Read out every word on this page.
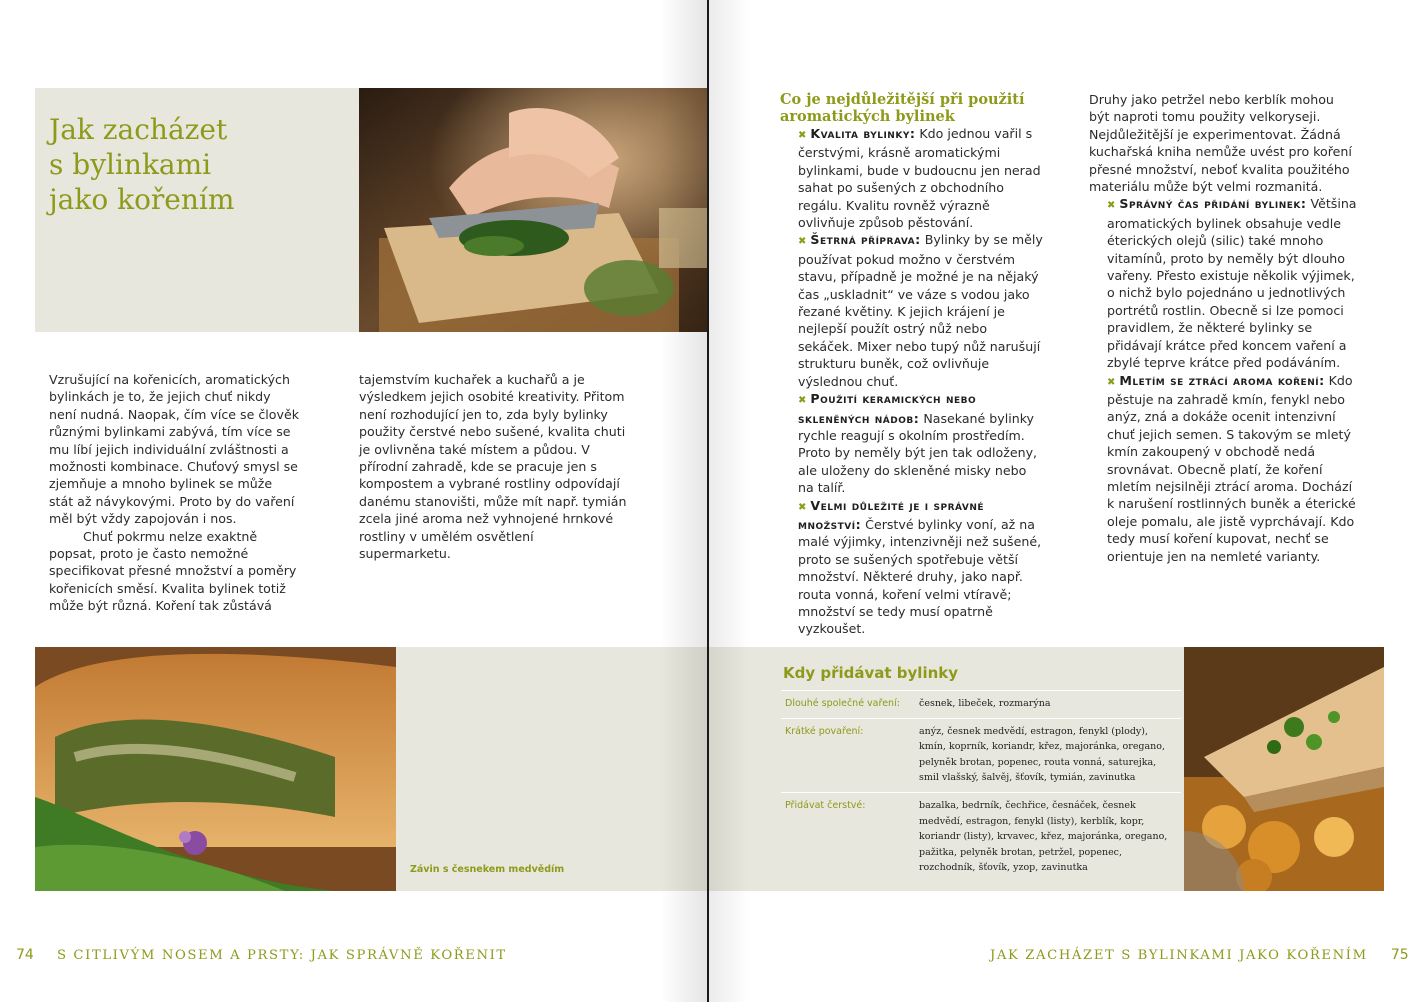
Jak zacházet
s bylinkami
jako kořením

Vzrušující na kořenicích, aromatických bylinkách je to, že jejich chuť nikdy není nudná. Naopak, čím více se člověk různými bylinkami zabývá, tím více se mu líbí jejich individuální zvláštnosti a možnosti kombinace. Chuťový smysl se zjemňuje a mnoho bylinek se může stát až návykovými. Proto by do vaření měl být vždy zapojován i nos.

Chuť pokrmu nelze exaktně popsat, proto je často nemožné specifikovat přesné množství a poměry kořenicích směsí. Kvalita bylinek totiž může být různá. Koření tak zůstává

tajemstvím kuchařek a kuchařů a je výsledkem jejich osobité kreativity. Přitom není rozhodující jen to, zda byly bylinky použity čerstvé nebo sušené, kvalita chuti je ovlivněna také místem a půdou. V přírodní zahradě, kde se pracuje jen s kompostem a vybrané rostliny odpovídají danému stanovišti, může mít např. tymián zcela jiné aroma než vyhnojené hrnkové rostliny v umělém osvětlení supermarketu.

Závin s česnekem medvědím
74 S CITLIVÝM NOSEM A PRSTY: JAK SPRÁVNĚ KOŘENIT

Co je nejdůležitější při použití aromatických bylinek

✖ Kvalita bylinky: Kdo jednou vařil s čerstvými, krásně aromatickými bylinkami, bude v budoucnu jen nerad sahat po sušených z obchodního regálu. Kvalitu rovněž výrazně ovlivňuje způsob pěstování.

✖ Šetrná příprava: Bylinky by se měly používat pokud možno v čerstvém stavu, případně je možné je na nějaký čas „uskladnit“ ve váze s vodou jako řezané květiny. K jejich krájení je nejlepší použít ostrý nůž nebo sekáček. Mixer nebo tupý nůž narušují strukturu buněk, což ovlivňuje výslednou chuť.

✖ Použití keramických nebo skleněných nádob: Nasekané bylinky rychle reagují s okolním prostředím. Proto by neměly být jen tak odloženy, ale uloženy do skleněné misky nebo na talíř.

✖ Velmi důležité je i správné množství: Čerstvé bylinky voní, až na malé výjimky, intenzivněji než sušené, proto se sušených spotřebuje větší množství. Některé druhy, jako např. routa vonná, koření velmi vtíravě; množství se tedy musí opatrně vyzkoušet.

Druhy jako petržel nebo kerblík mohou být naproti tomu použity velkoryseji. Nejdůležitější je experimentovat. Žádná kuchařská kniha nemůže uvést pro koření přesné množství, neboť kvalita použitého materiálu může být velmi rozmanitá.

✖ Správný čas přidání bylinek: Většina aromatických bylinek obsahuje vedle éterických olejů (silic) také mnoho vitamínů, proto by neměly být dlouho vařeny. Přesto existuje několik výjimek, o nichž bylo pojednáno u jednotlivých portrétů rostlin. Obecně si lze pomoci pravidlem, že některé bylinky se přidávají krátce před koncem vaření a zbylé teprve krátce před podáváním.

✖ Mletím se ztrácí aroma koření: Kdo pěstuje na zahradě kmín, fenykl nebo anýz, zná a dokáže ocenit intenzivní chuť jejich semen. S takovým se mletý kmín zakoupený v obchodě nedá srovnávat. Obecně platí, že koření mletím nejsilněji ztrácí aroma. Dochází k narušení rostlinných buněk a éterické oleje pomalu, ale jistě vyprchávají. Kdo tedy musí koření kupovat, nechť se orientuje jen na nemleté varianty.

Kdy přidávat bylinky

Dlouhé společné vaření:	česnek, libeček, rozmarýna
Krátké povaření:	anýz, česnek medvědí, estragon, fenykl (plody), kmín, koprník, koriandr, křez, majoránka, oregano, pelyněk brotan, popenec, routa vonná, saturejka, smil vlašský, šalvěj, šťovík, tymián, zavinutka
Přidávat čerstvé:	bazalka, bedrník, čechřice, česnáček, česnek medvědí, estragon, fenykl (listy), kerblík, kopr, koriandr (listy), krvavec, křez, majoránka, oregano, pažitka, pelyněk brotan, petržel, popenec, rozchodník, šťovík, yzop, zavinutka
JAK ZACHÁZET S BYLINKAMI JAKO KOŘENÍM 75
